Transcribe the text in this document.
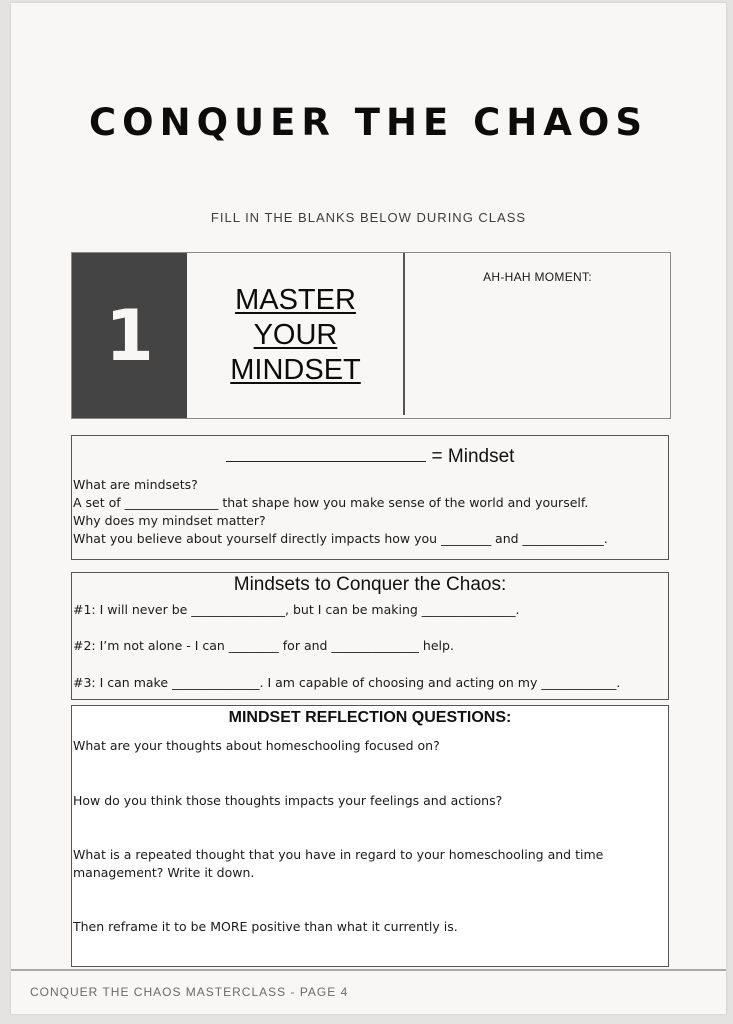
CONQUER THE CHAOS
FILL IN THE BLANKS BELOW DURING CLASS
1	MASTER
YOUR
MINDSET
AH-HAH MOMENT:
= Mindset
What are mindsets?
A set of _______________ that shape how you make sense of the world and yourself.
Why does my mindset matter?
What you believe about yourself directly impacts how you ________ and _____________.
Mindsets to Conquer the Chaos:
#1: I will never be _______________, but I can be making _______________.
#2: I’m not alone - I can ________ for and ______________ help.
#3: I can make ______________. I am capable of choosing and acting on my ____________.
MINDSET REFLECTION QUESTIONS:
What are your thoughts about homeschooling focused on?
How do you think those thoughts impacts your feelings and actions?
What is a repeated thought that you have in regard to your homeschooling and time management? Write it down.
Then reframe it to be MORE positive than what it currently is.
CONQUER THE CHAOS MASTERCLASS - PAGE 4
